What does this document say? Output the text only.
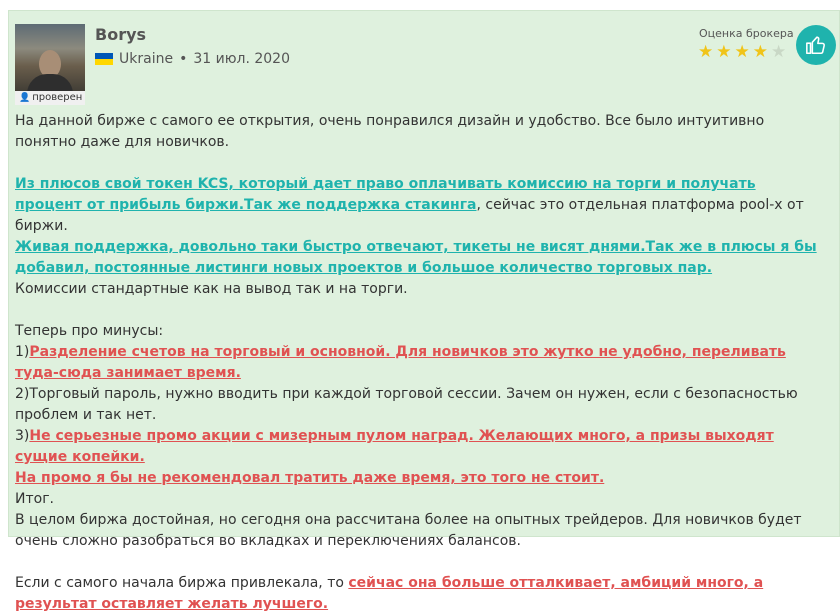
👤 проверен
Borys
Ukraine • 31 июл. 2020
Оценка брокера
★ ★ ★ ★ ★

На данной бирже с самого ее открытия, очень понравился дизайн и удобство. Все было интуитивно понятно даже для новичков.

Из плюсов свой токен KCS, который дает право оплачивать комиссию на торги и получать процент от прибыль биржи.Так же поддержка стакинга, сейчас это отдельная платформа pool-x от биржи.

Живая поддержка, довольно таки быстро отвечают, тикеты не висят днями.Так же в плюсы я бы добавил, постоянные листинги новых проектов и большое количество торговых пар.

Комиссии стандартные как на вывод так и на торги.

Теперь про минусы:

1)Разделение счетов на торговый и основной. Для новичков это жутко не удобно, переливать туда-сюда занимает время.

2)Торговый пароль, нужно вводить при каждой торговой сессии. Зачем он нужен, если с безопасностью проблем и так нет.

3)Не серьезные промо акции с мизерным пулом наград. Желающих много, а призы выходят сущие копейки.

На промо я бы не рекомендовал тратить даже время, это того не стоит.

Итог.

В целом биржа достойная, но сегодня она рассчитана более на опытных трейдеров. Для новичков будет очень сложно разобраться во вкладках и переключениях балансов.

Если с самого начала биржа привлекала, то сейчас она больше отталкивает, амбиций много, а результат оставляет желать лучшего.
